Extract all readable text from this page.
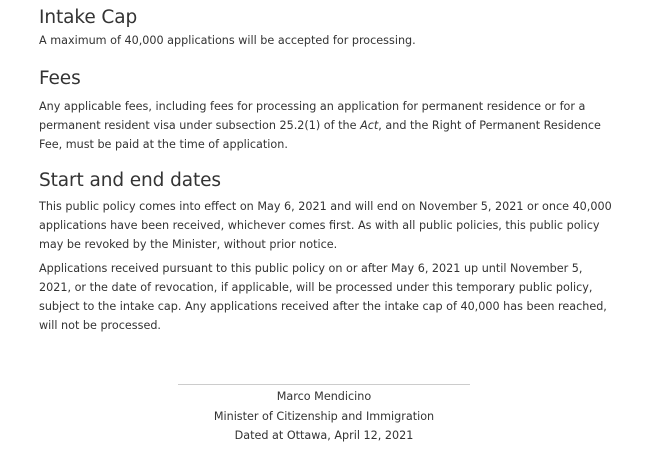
Intake Cap

A maximum of 40,000 applications will be accepted for processing.

Fees

Any applicable fees, including fees for processing an application for permanent residence or for a permanent resident visa under subsection 25.2(1) of the Act, and the Right of Permanent Residence Fee, must be paid at the time of application.

Start and end dates

This public policy comes into effect on May 6, 2021 and will end on November 5, 2021 or once 40,000 applications have been received, whichever comes first. As with all public policies, this public policy may be revoked by the Minister, without prior notice.

Applications received pursuant to this public policy on or after May 6, 2021 up until November 5, 2021, or the date of revocation, if applicable, will be processed under this temporary public policy, subject to the intake cap. Any applications received after the intake cap of 40,000 has been reached, will not be processed.

Marco Mendicino

Minister of Citizenship and Immigration

Dated at Ottawa, April 12, 2021
